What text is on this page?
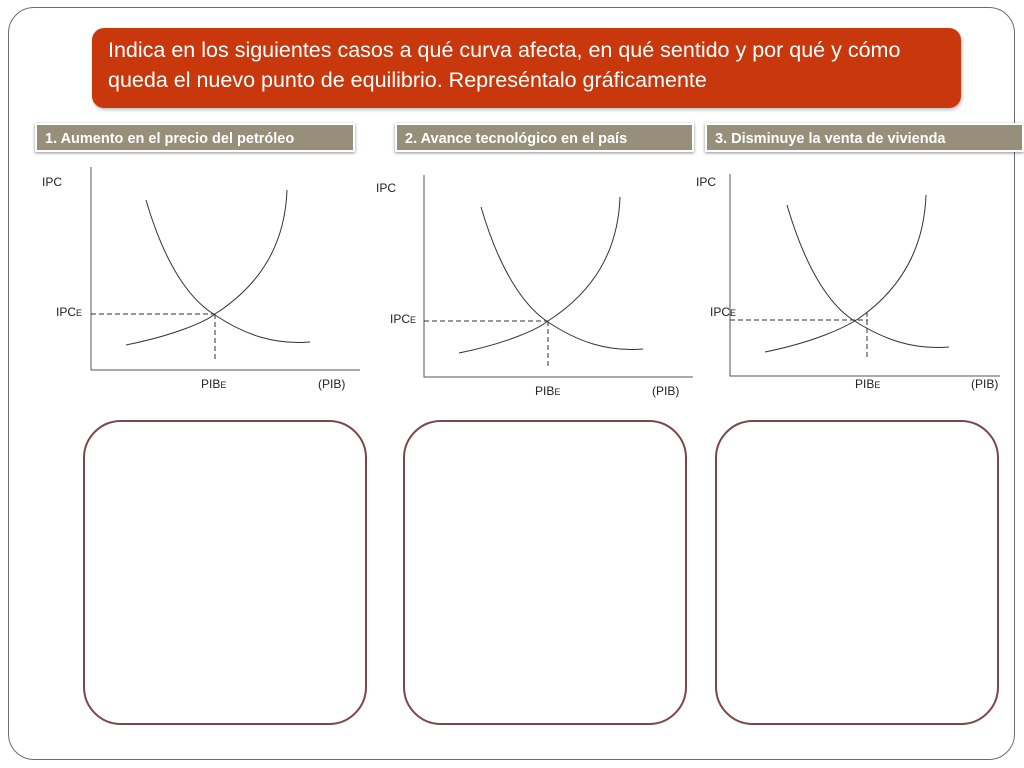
Indica en los siguientes casos a qué curva afecta, en qué sentido y por qué y cómo queda el nuevo punto de equilibrio. Represéntalo gráficamente
1. Aumento en el precio del petróleo	2. Avance tecnológico en el país	3. Disminuye la venta de vivienda
IPC
IPCE
PIBE	(PIB)
IPC
IPCE
PIBE	(PIB)
IPC
IPCE
PIBE	(PIB)
